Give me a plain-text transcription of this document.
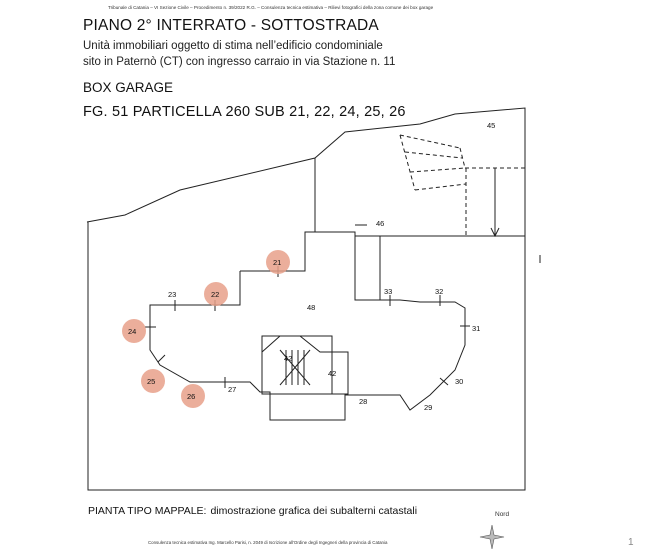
Tribunale di Catania – VI Sezione Civile – Procedimento n. 39/2022 R.G. – Consulenza tecnica estimativa – Rilievi fotografici della zona comune dei box garage
PIANO 2° INTERRATO - SOTTOSTRADA
Unità immobiliari oggetto di stima nell’edificio condominiale
sito in Paternò (CT) con ingresso carraio in via Stazione n. 11
BOX GARAGE
FG. 51 PARTICELLA 260 SUB 21, 22, 24, 25, 26
21
22
24
25
26
45
46
48
23	33	32
31
27
28
29
30
42
42
Nord
PIANTA TIPO MAPPALE: dimostrazione grafica dei subalterni catastali
Consulenza tecnica estimativa Ing. Marcello Parisi, n. 2049 di Iscrizione all’Ordine degli Ingegneri della provincia di Catania	1
